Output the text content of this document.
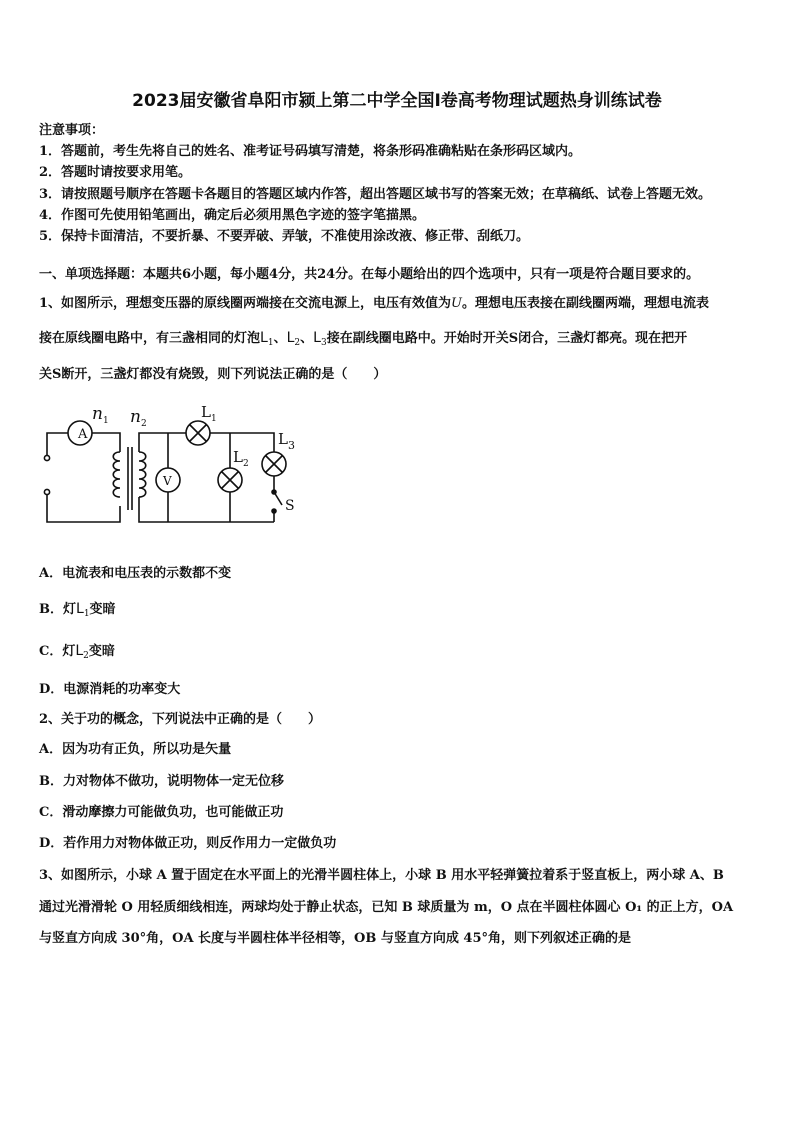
2023届安徽省阜阳市颍上第二中学全国I卷高考物理试题热身训练试卷
注意事项：
1．答题前，考生先将自己的姓名、准考证号码填写清楚，将条形码准确粘贴在条形码区域内。
2．答题时请按要求用笔。
3．请按照题号顺序在答题卡各题目的答题区域内作答，超出答题区域书写的答案无效；在草稿纸、试卷上答题无效。
4．作图可先使用铅笔画出，确定后必须用黑色字迹的签字笔描黑。
5．保持卡面清洁，不要折暴、不要弄破、弄皱，不准使用涂改液、修正带、刮纸刀。
一、单项选择题：本题共6小题，每小题4分，共24分。在每小题给出的四个选项中，只有一项是符合题目要求的。
1、如图所示，理想变压器的原线圈两端接在交流电源上，电压有效值为U。理想电压表接在副线圈两端，理想电流表
接在原线圈电路中，有三盏相同的灯泡$L_1$、$L_2$、$L_3$接在副线圈电路中。开始时开关S闭合，三盏灯都亮。现在把开
关S断开，三盏灯都没有烧毁，则下列说法正确的是（　　）
A
V
n 1 n 2
L 1
L 2
L 3
S
A．电流表和电压表的示数都不变
B．灯$L_1$变暗
C．灯$L_2$变暗
D．电源消耗的功率变大
2、关于功的概念，下列说法中正确的是（　　）
A．因为功有正负，所以功是矢量
B．力对物体不做功，说明物体一定无位移
C．滑动摩擦力可能做负功，也可能做正功
D．若作用力对物体做正功，则反作用力一定做负功
3、如图所示，小球 A 置于固定在水平面上的光滑半圆柱体上，小球 B 用水平轻弹簧拉着系于竖直板上，两小球 A、B
通过光滑滑轮 O 用轻质细线相连，两球均处于静止状态，已知 B 球质量为 m，O 点在半圆柱体圆心 O₁ 的正上方，OA
与竖直方向成 30°角，OA 长度与半圆柱体半径相等，OB 与竖直方向成 45°角，则下列叙述正确的是
